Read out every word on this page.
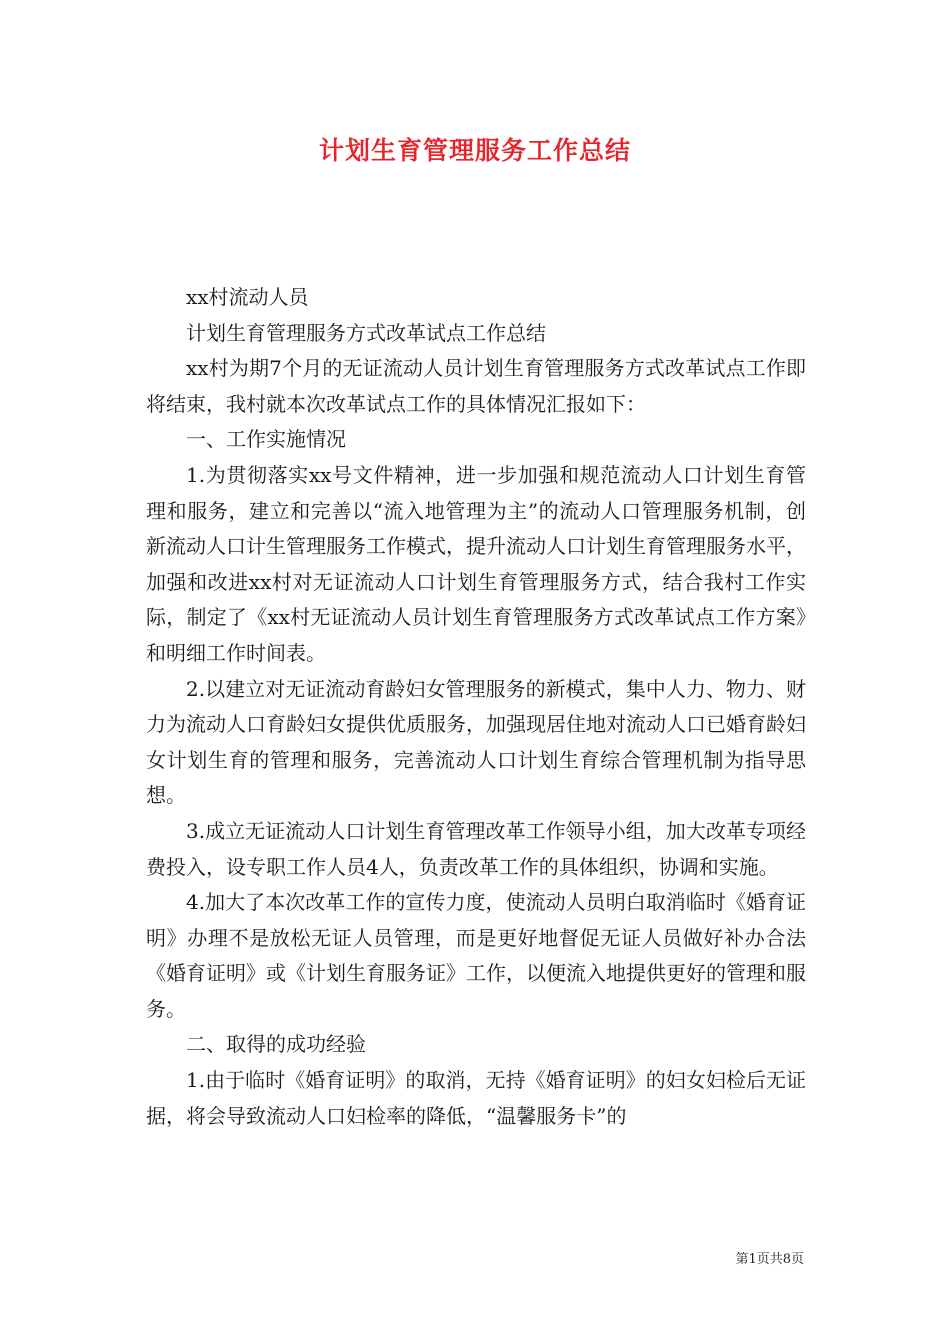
计划生育管理服务工作总结

xx村流动人员

计划生育管理服务方式改革试点工作总结

xx村为期7个月的无证流动人员计划生育管理服务方式改革试点工作即将结束，我村就本次改革试点工作的具体情况汇报如下：

一、工作实施情况

1.为贯彻落实xx号文件精神，进一步加强和规范流动人口计划生育管理和服务，建立和完善以“流入地管理为主”的流动人口管理服务机制，创新流动人口计生管理服务工作模式，提升流动人口计划生育管理服务水平，加强和改进xx村对无证流动人口计划生育管理服务方式，结合我村工作实际，制定了《xx村无证流动人员计划生育管理服务方式改革试点工作方案》和明细工作时间表。

2.以建立对无证流动育龄妇女管理服务的新模式，集中人力、物力、财力为流动人口育龄妇女提供优质服务，加强现居住地对流动人口已婚育龄妇女计划生育的管理和服务，完善流动人口计划生育综合管理机制为指导思想。

3.成立无证流动人口计划生育管理改革工作领导小组，加大改革专项经费投入，设专职工作人员4人，负责改革工作的具体组织，协调和实施。

4.加大了本次改革工作的宣传力度，使流动人员明白取消临时《婚育证明》办理不是放松无证人员管理，而是更好地督促无证人员做好补办合法《婚育证明》或《计划生育服务证》工作，以便流入地提供更好的管理和服务。

二、取得的成功经验

1.由于临时《婚育证明》的取消，无持《婚育证明》的妇女妇检后无证据，将会导致流动人口妇检率的降低，“温馨服务卡”的

第1页共8页
